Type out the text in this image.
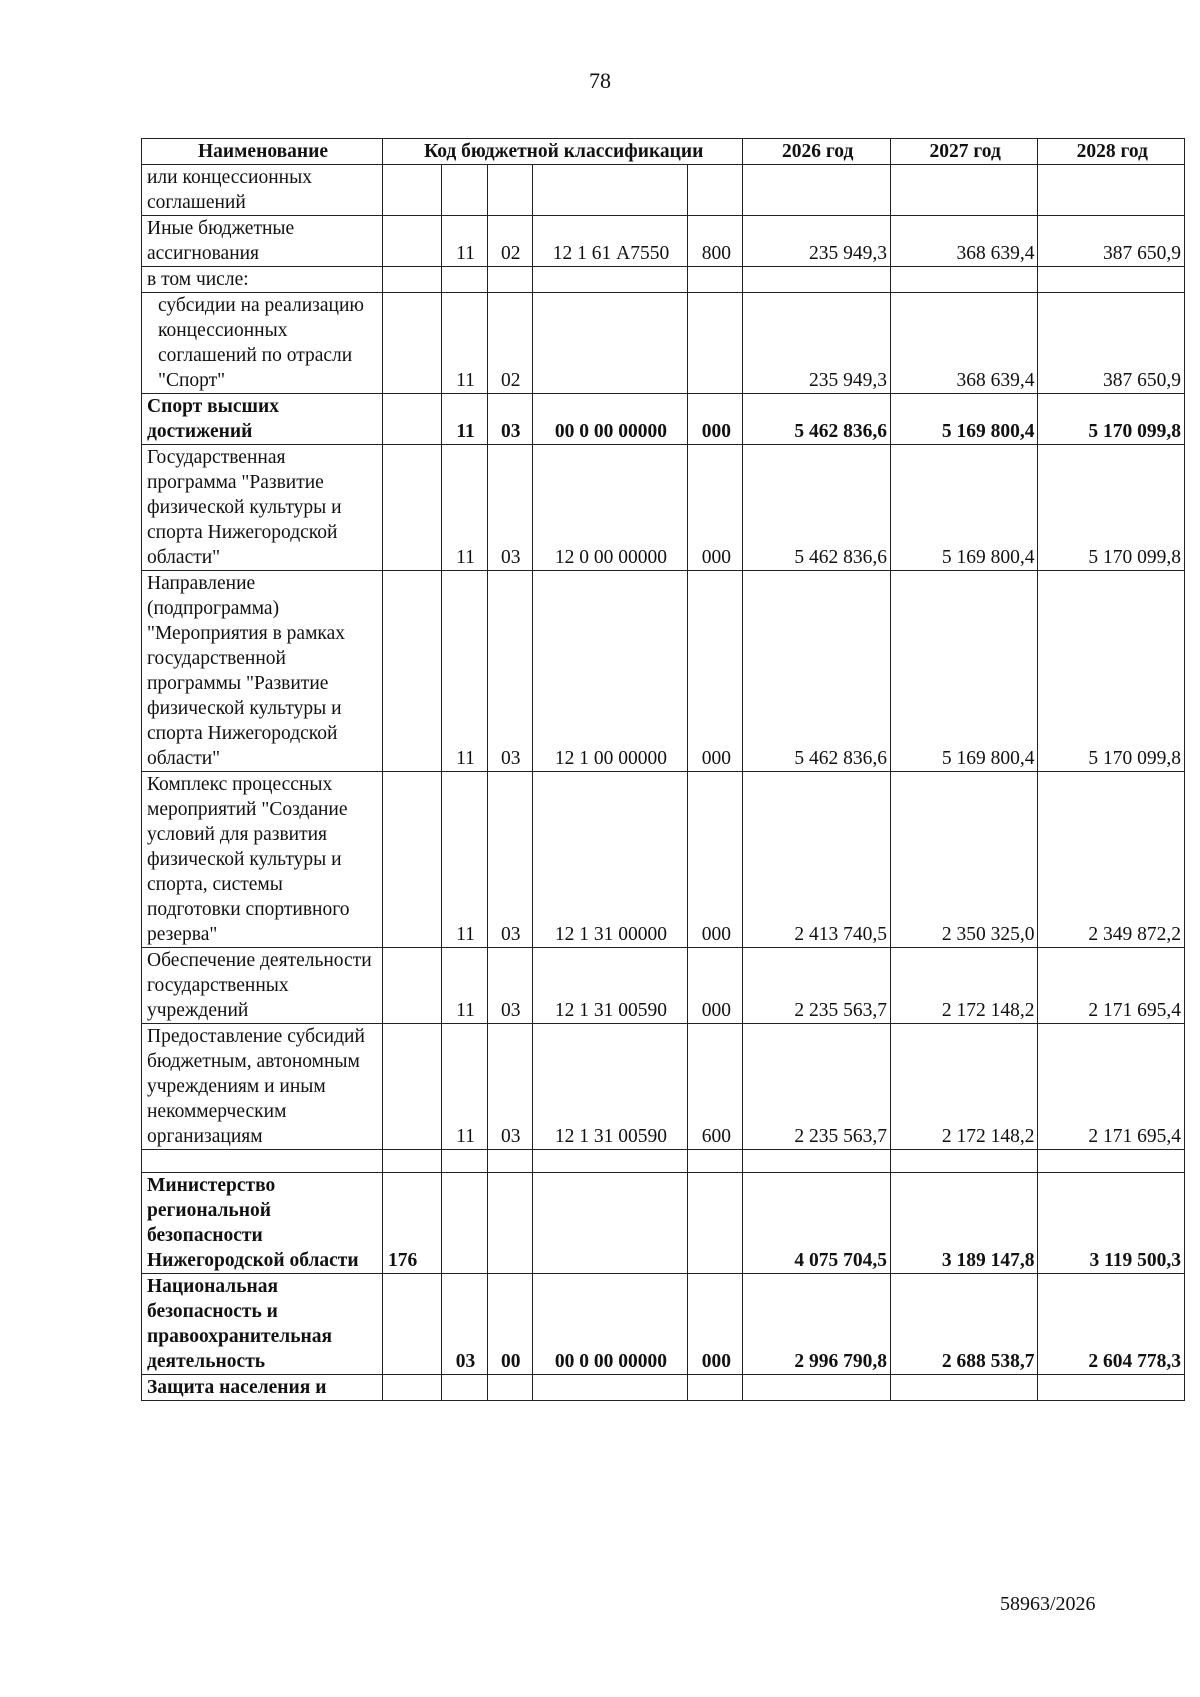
78
Наименование	Код бюджетной классификации					2026 год	2027 год	2028 год
или концессионных соглашений								
Иные бюджетные ассигнования		11	02	12 1 61 А7550	800	235 949,3	368 639,4	387 650,9
в том числе:								
субсидии на реализацию концессионных соглашений по отрасли "Спорт"		11	02			235 949,3	368 639,4	387 650,9
Спорт высших достижений		11	03	00 0 00 00000	000	5 462 836,6	5 169 800,4	5 170 099,8
Государственная программа "Развитие физической культуры и спорта Нижегородской области"		11	03	12 0 00 00000	000	5 462 836,6	5 169 800,4	5 170 099,8
Направление (подпрограмма) "Мероприятия в рамках государственной программы "Развитие физической культуры и спорта Нижегородской области"		11	03	12 1 00 00000	000	5 462 836,6	5 169 800,4	5 170 099,8
Комплекс процессных мероприятий "Создание условий для развития физической культуры и спорта, системы подготовки спортивного резерва"		11	03	12 1 31 00000	000	2 413 740,5	2 350 325,0	2 349 872,2
Обеспечение деятельности государственных учреждений		11	03	12 1 31 00590	000	2 235 563,7	2 172 148,2	2 171 695,4
Предоставление субсидий бюджетным, автономным учреждениям и иным некоммерческим организациям		11	03	12 1 31 00590	600	2 235 563,7	2 172 148,2	2 171 695,4

Министерство региональной безопасности Нижегородской области	176					4 075 704,5	3 189 147,8	3 119 500,3
Национальная безопасность и правоохранительная деятельность		03	00	00 0 00 00000	000	2 996 790,8	2 688 538,7	2 604 778,3
Защита населения и								
58963/2026
